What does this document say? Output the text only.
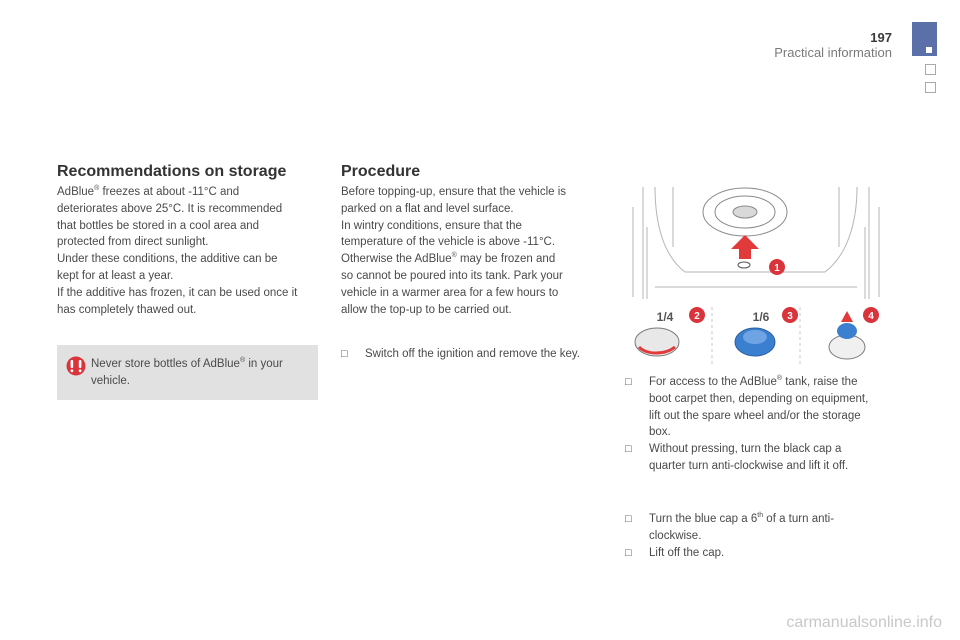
197
Practical information
Recommendations on storage

AdBlue® freezes at about -11°C and

deteriorates above 25°C. It is recommended

that bottles be stored in a cool area and

protected from direct sunlight.

Under these conditions, the additive can be

kept for at least a year.

If the additive has frozen, it can be used once it

has completely thawed out.

Never store bottles of AdBlue® in your
vehicle.
Procedure

Before topping-up, ensure that the vehicle is

parked on a flat and level surface.

In wintry conditions, ensure that the

temperature of the vehicle is above -11°C.

Otherwise the AdBlue® may be frozen and

so cannot be poured into its tank. Park your

vehicle in a warmer area for a few hours to

allow the top-up to be carried out.

□ Switch off the ignition and remove the key.
1/4	1/6
1
2	3	4
□ For access to the AdBlue® tank, raise the
boot carpet then, depending on equipment,
lift out the spare wheel and/or the storage
box.
□ Without pressing, turn the black cap a
quarter turn anti-clockwise and lift it off.
□ Turn the blue cap a 6th of a turn anti-
clockwise.
□ Lift off the cap.
carmanualsonline.info
